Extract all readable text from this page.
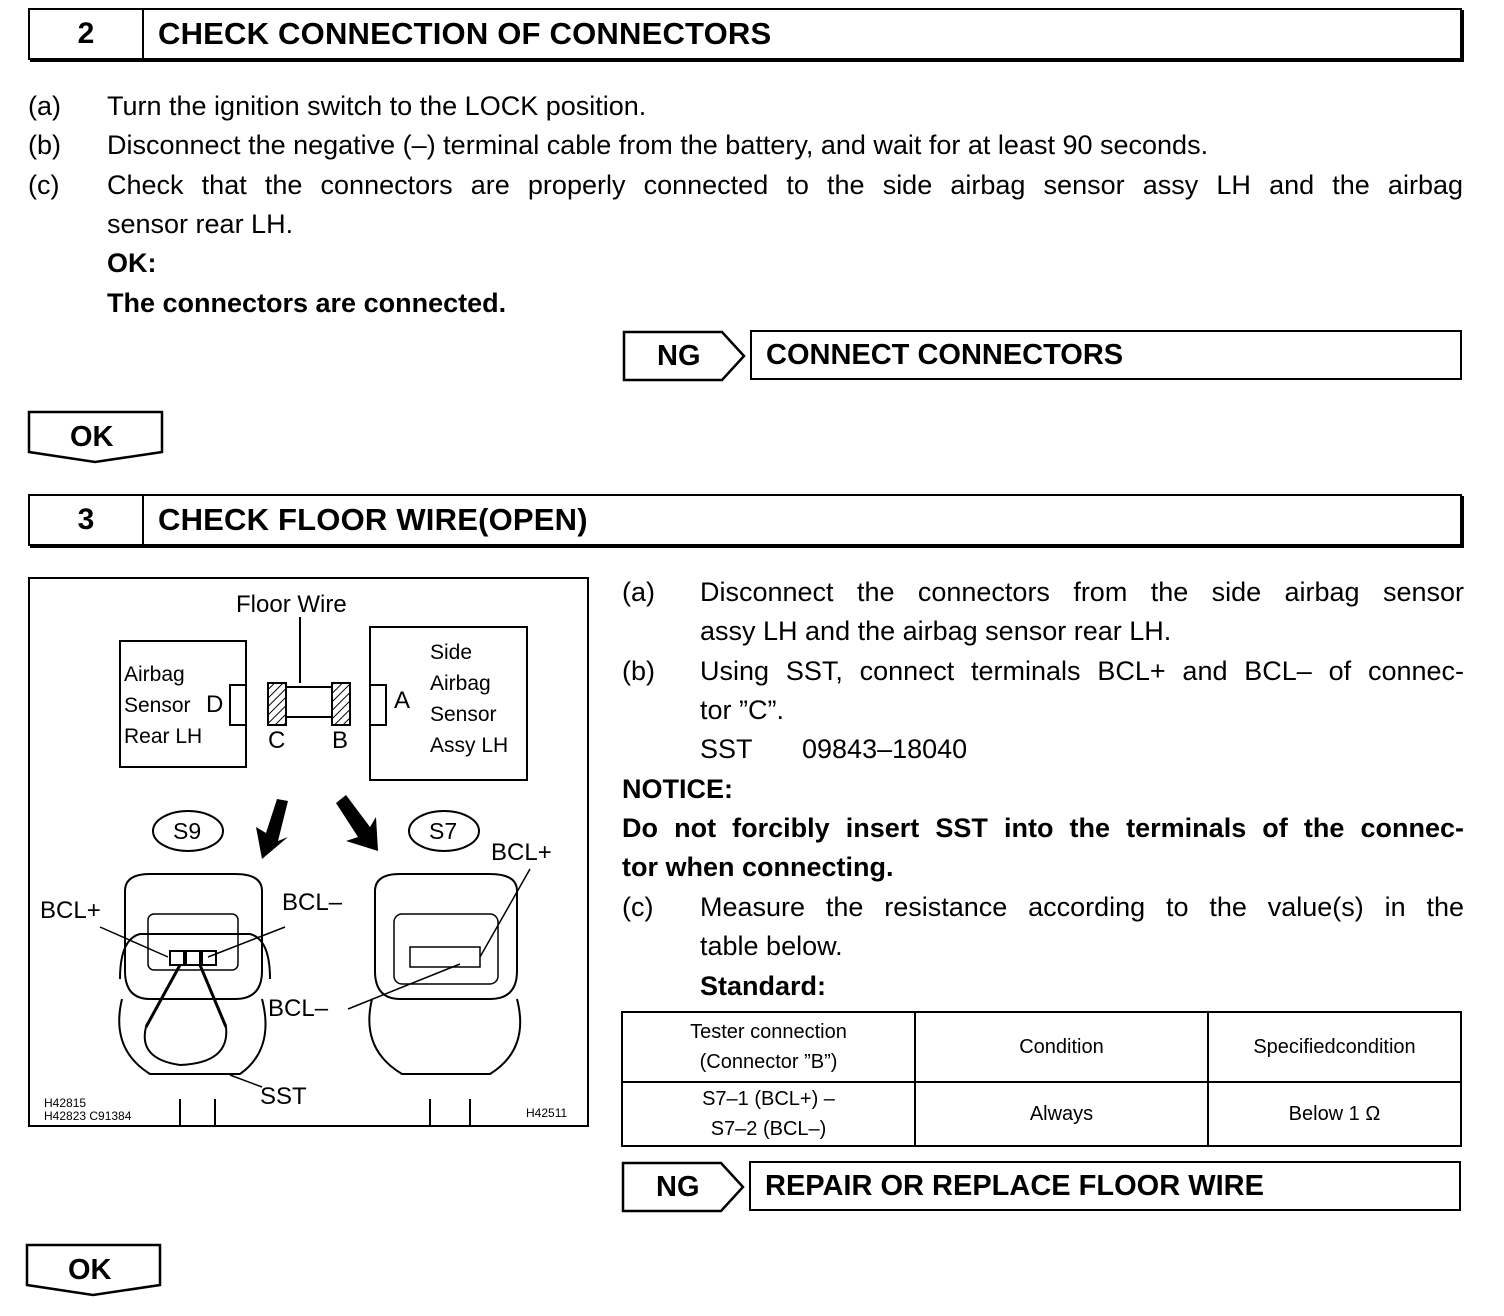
2	CHECK CONNECTION OF CONNECTORS
(a) Turn the ignition switch to the LOCK position.
(b) Disconnect the negative (–) terminal cable from the battery, and wait for at least 90 seconds.
(c) Check that the connectors are properly connected to the side airbag sensor assy LH and the airbag
sensor rear LH.
OK:
The connectors are connected.
NG CONNECT CONNECTORS
OK
3	CHECK FLOOR WIRE(OPEN)
Floor Wire
Airbag
Sensor
Rear LH
D	A
Side
Airbag
Sensor
Assy LH
C B
S9	S7
BCL+
BCL+	BCL–
BCL–
SST
H42815
H42823 C91384	H42511
(a) Disconnect the connectors from the side airbag sensor
assy LH and the airbag sensor rear LH.
(b) Using SST, connect terminals BCL+ and BCL– of connec-
tor ”C”.
SST 09843–18040
NOTICE:
Do not forcibly insert SST into the terminals of the connec-
tor when connecting.
(c) Measure the resistance according to the value(s) in the
table below.
Standard:
Tester connection
(Connector ”B”)	Condition	Specifiedcondition

S7–1 (BCL+) –
S7–2 (BCL–)	Always	Below 1 Ω
NG REPAIR OR REPLACE FLOOR WIRE
OK
